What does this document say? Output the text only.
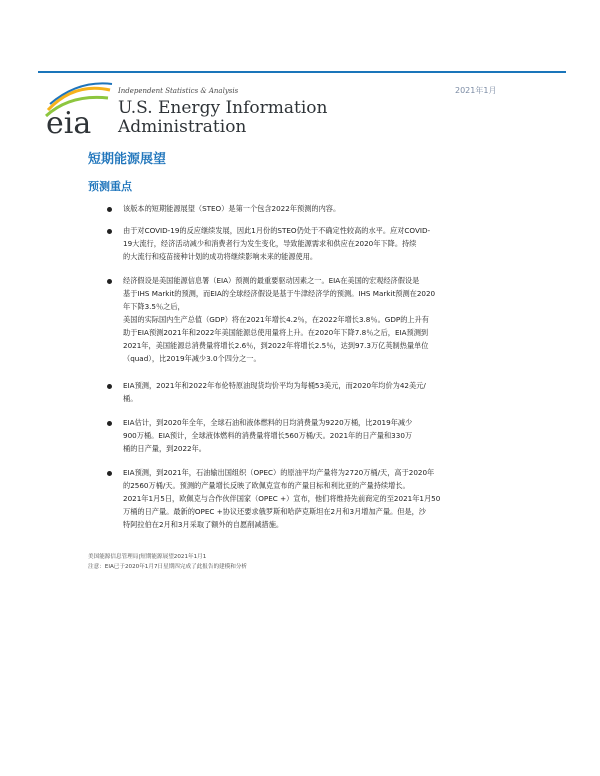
eia
Independent Statistics & Analysis
U.S. Energy Information
Administration
2021年1月
短期能源展望
预测重点
该版本的短期能源展望（STEO）是第一个包含2022年预测的内容。
由于对COVID-19的反应继续发展，因此1月份的STEO仍处于不确定性较高的水平。应对COVID-
19大流行，经济活动减少和消费者行为发生变化，导致能源需求和供应在2020年下降。持续
的大流行和疫苗接种计划的成功将继续影响未来的能源使用。
经济假设是美国能源信息署（EIA）预测的最重要驱动因素之一。EIA在美国的宏观经济假设是
基于IHS Markit的预测，而EIA的全球经济假设是基于牛津经济学的预测。IHS Markit预测在2020
年下降3.5％之后，
美国的实际国内生产总值（GDP）将在2021年增长4.2％，在2022年增长3.8％。GDP的上升有
助于EIA预测2021年和2022年美国能源总使用量将上升。在2020年下降7.8％之后，EIA预测到
2021年，美国能源总消费量将增长2.6％，到2022年将增长2.5％，达到97.3万亿英制热量单位
（quad），比2019年减少3.0个四分之一。
EIA预测，2021年和2022年布伦特原油现货均价平均为每桶53美元，而2020年均价为42美元/
桶。
EIA估计，到2020年全年，全球石油和液体燃料的日均消费量为9220万桶，比2019年减少
900万桶。EIA预计，全球液体燃料的消费量将增长560万桶/天。2021年的日产量和330万
桶的日产量，到2022年。
EIA预测，到2021年，石油输出国组织（OPEC）的原油平均产量将为2720万桶/天，高于2020年
的2560万桶/天。预测的产量增长反映了欧佩克宣布的产量目标和利比亚的产量持续增长。
2021年1月5日，欧佩克与合作伙伴国家（OPEC +）宣布，他们将维持先前商定的至2021年1月50
万桶的日产量。最新的OPEC +协议还要求俄罗斯和哈萨克斯坦在2月和3月增加产量。但是，沙
特阿拉伯在2月和3月采取了额外的自愿削减措施。
美国能源信息管理局|短期能源展望2021年1月1
注意：EIA已于2020年1月7日星期四完成了此报告的建模和分析
